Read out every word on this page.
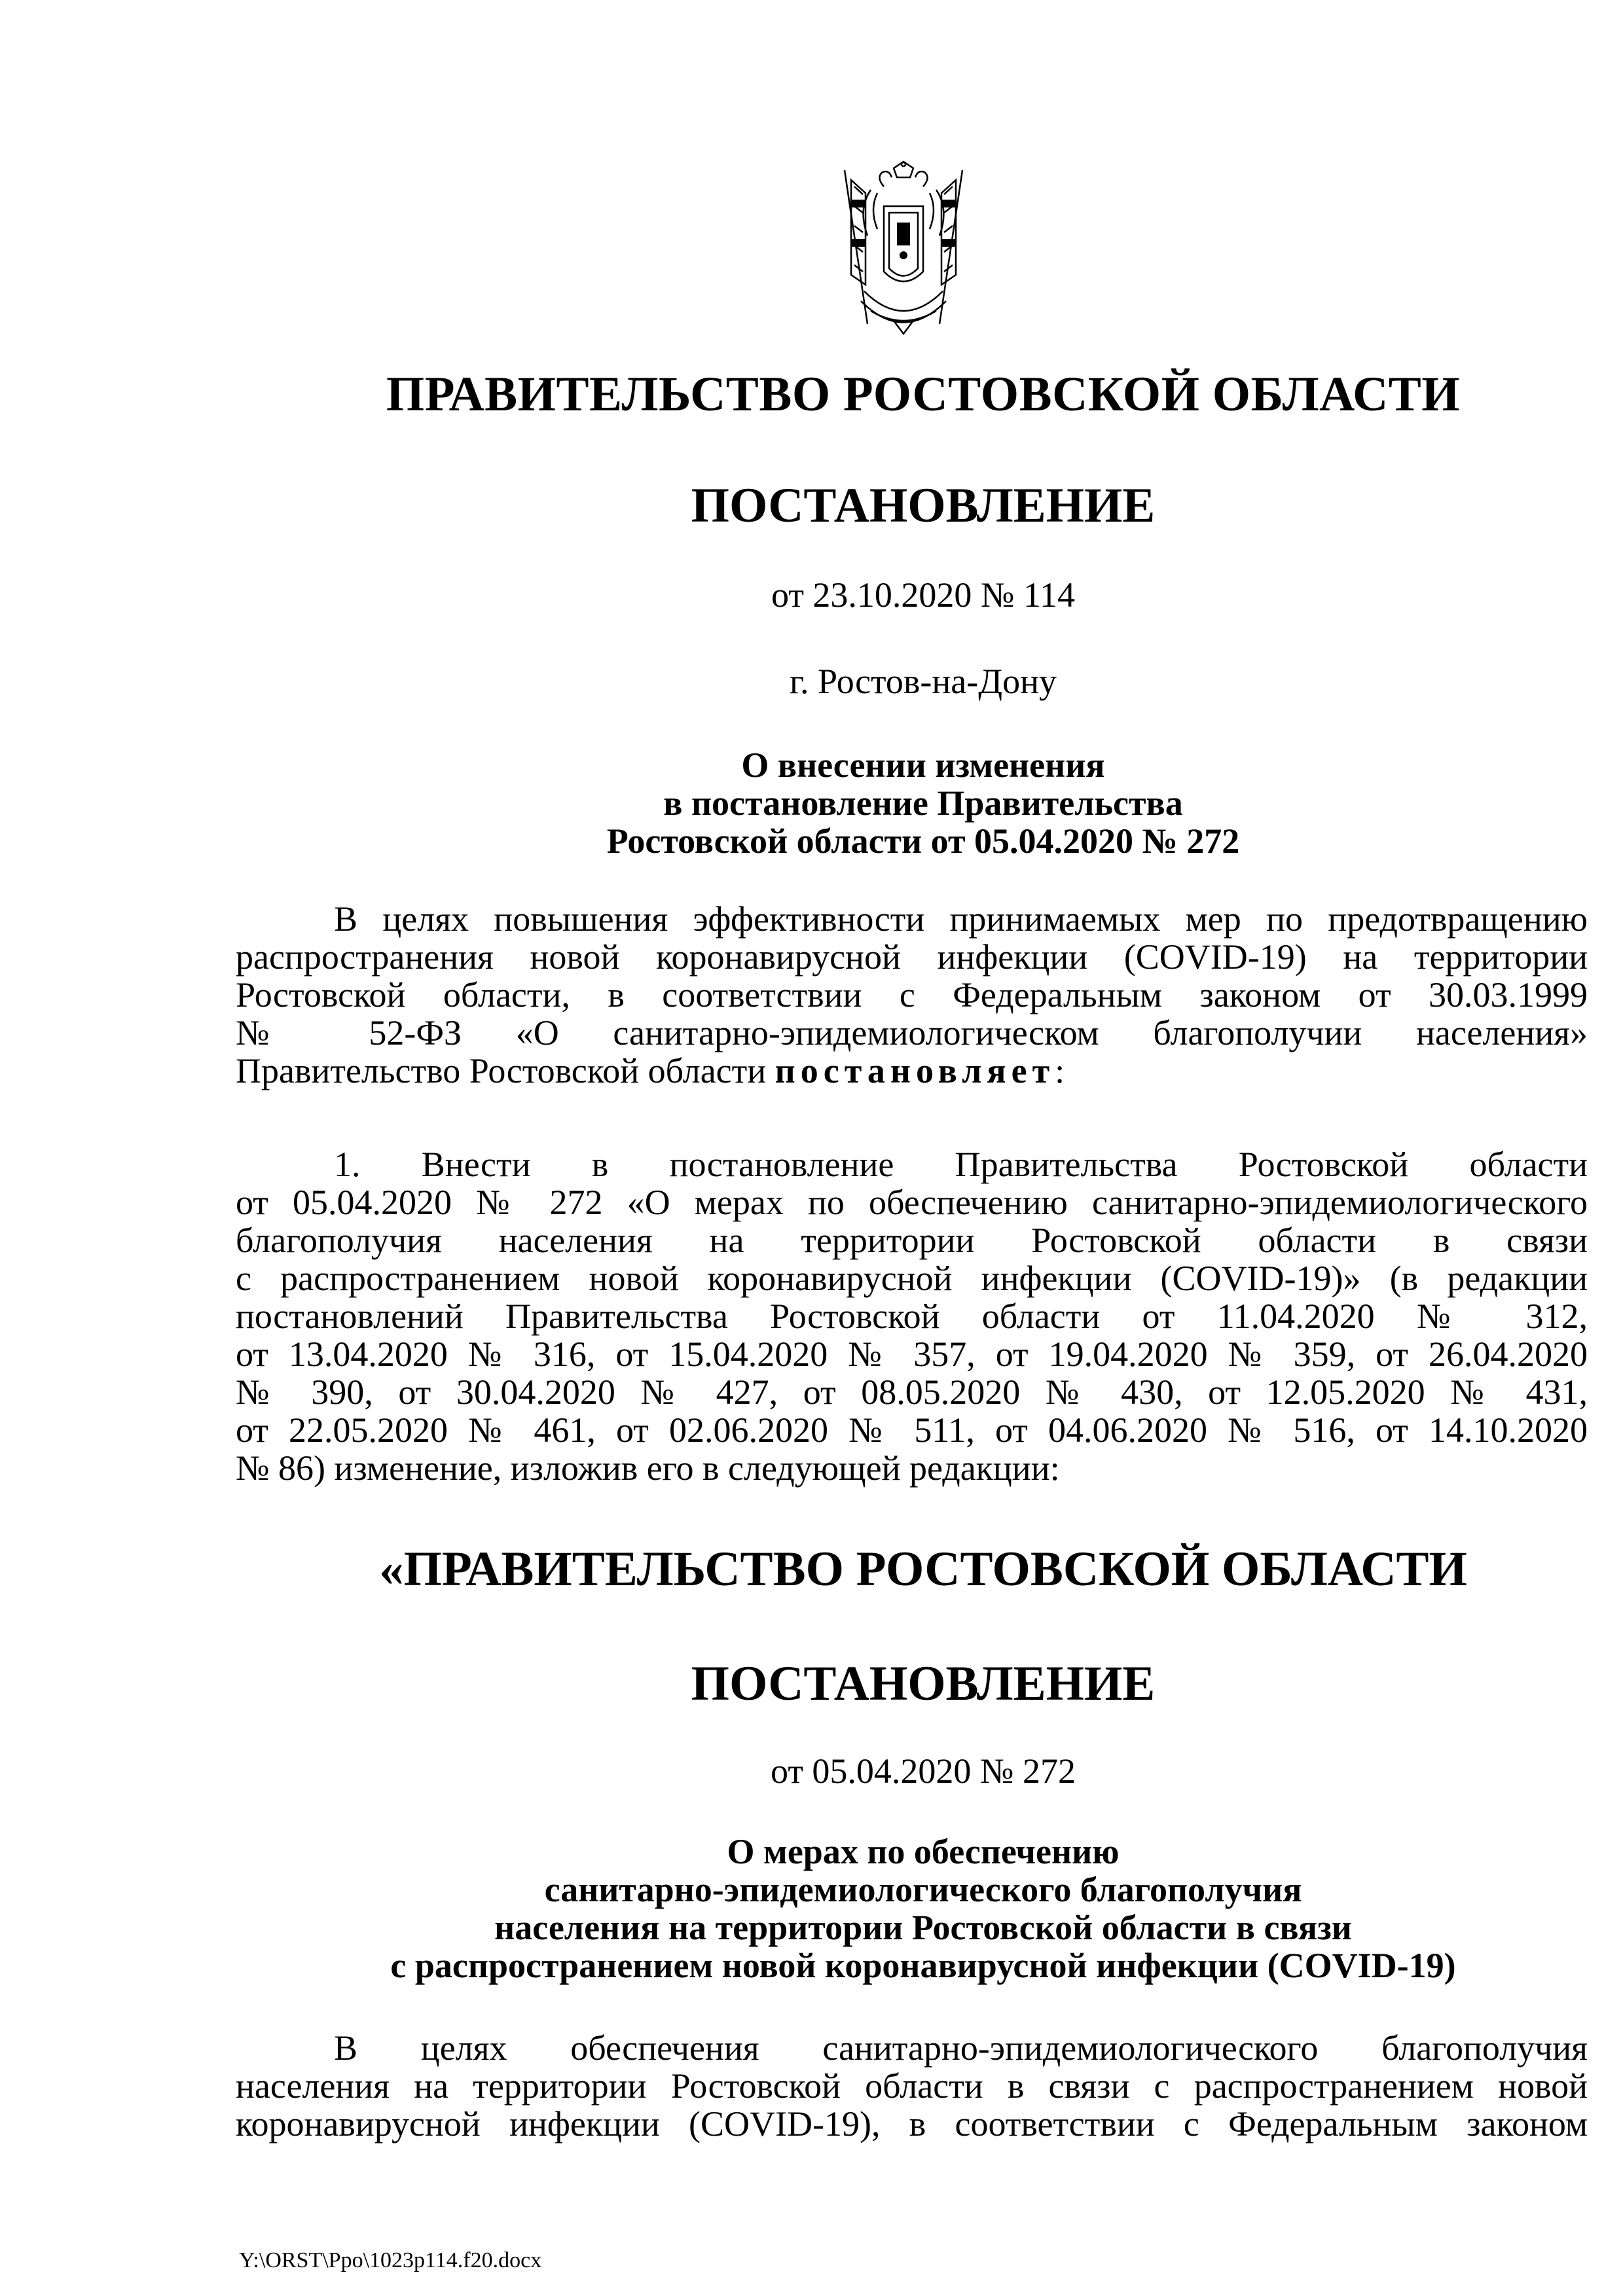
ПРАВИТЕЛЬСТВО РОСТОВСКОЙ ОБЛАСТИ
ПОСТАНОВЛЕНИЕ
от 23.10.2020 № 114
г. Ростов-на-Дону
О внесении изменения
в постановление Правительства
Ростовской области от 05.04.2020 № 272
В целях повышения эффективности принимаемых мер по предотвращению
распространения новой коронавирусной инфекции (COVID-19) на территории
Ростовской области, в соответствии с Федеральным законом от 30.03.1999
№ 52-ФЗ «О санитарно-эпидемиологическом благополучии населения»
Правительство Ростовской области постановляет:
1. Внести в постановление Правительства Ростовской области
от 05.04.2020 № 272 «О мерах по обеспечению санитарно-эпидемиологического
благополучия населения на территории Ростовской области в связи
с распространением новой коронавирусной инфекции (COVID-19)» (в редакции
постановлений Правительства Ростовской области от 11.04.2020 № 312,
от 13.04.2020 № 316, от 15.04.2020 № 357, от 19.04.2020 № 359, от 26.04.2020
№ 390, от 30.04.2020 № 427, от 08.05.2020 № 430, от 12.05.2020 № 431,
от 22.05.2020 № 461, от 02.06.2020 № 511, от 04.06.2020 № 516, от 14.10.2020
№ 86) изменение, изложив его в следующей редакции:
«ПРАВИТЕЛЬСТВО РОСТОВСКОЙ ОБЛАСТИ
ПОСТАНОВЛЕНИЕ
от 05.04.2020 № 272
О мерах по обеспечению
санитарно-эпидемиологического благополучия
населения на территории Ростовской области в связи
с распространением новой коронавирусной инфекции (COVID-19)
В целях обеспечения санитарно-эпидемиологического благополучия
населения на территории Ростовской области в связи с распространением новой
коронавирусной инфекции (COVID-19), в соответствии с Федеральным законом
Y:\ORST\Ppo\1023p114.f20.docx
